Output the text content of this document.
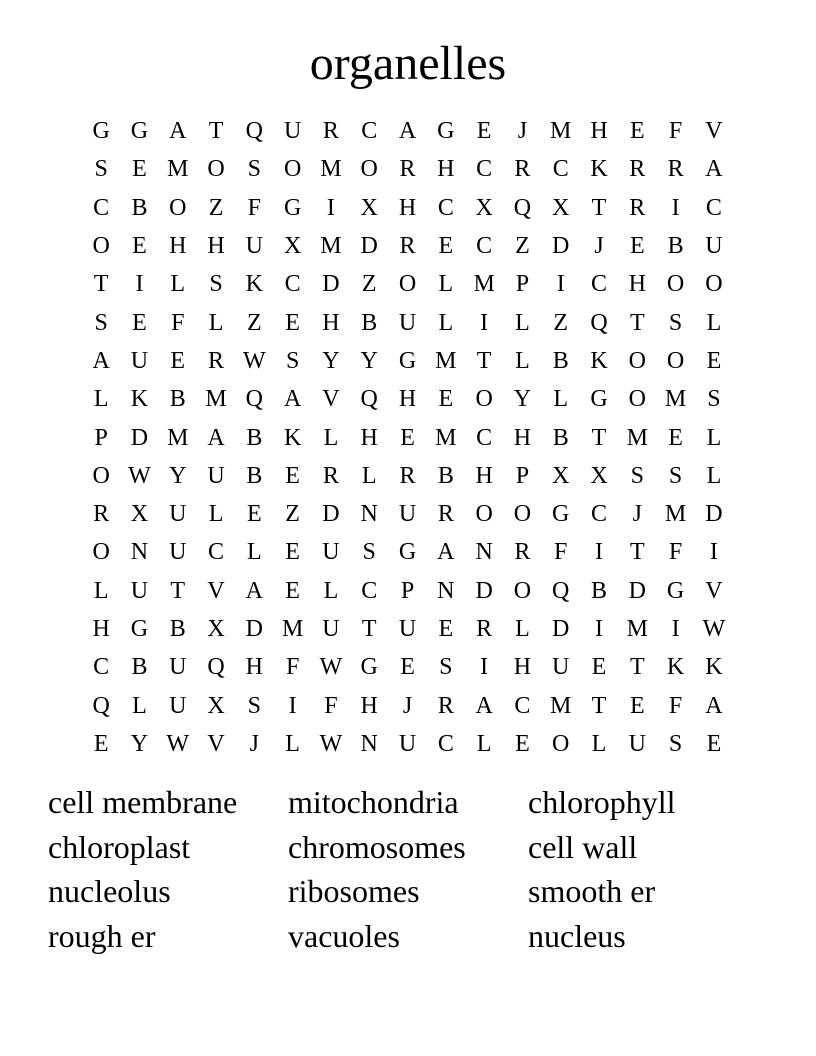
organelles
G G A T Q U R C A G E	J M H E	F V
S	E M O S O M O R H C R C K R R A
C B O Z	F G	I	X H C X Q X T R	I	C
O E H H U X M D R E C Z D	J	E B U
T	I	L	S K C D Z O L M P	I	C H O O
S	E	F	L Z E H B U L	I	L Z Q T	S	L
A U E R W S Y Y G M T L B K O O E
L K B M Q A V Q H E O Y L G O M S
P D M A B K L H E M C H B T M E L
O W Y U B E R L R B H P X X S	S	L
R X U L E Z D N U R O O G C	J M D
O N U C L E U S G A N R F	I	T	F	I
L U T V A E L C P N D O Q B D G V
H G B X D M U T U E R L D	I M I W
C B U Q H F W G E	S	I	H U E T K K
Q L U X S	I	F H	J	R A C M T E	F A
E Y W V	J	L W N U C L E O L U S	E
cell membrane	mitochondria	chlorophyll
chloroplast	chromosomes	cell wall
nucleolus	ribosomes	smooth er
rough er	vacuoles	nucleus
